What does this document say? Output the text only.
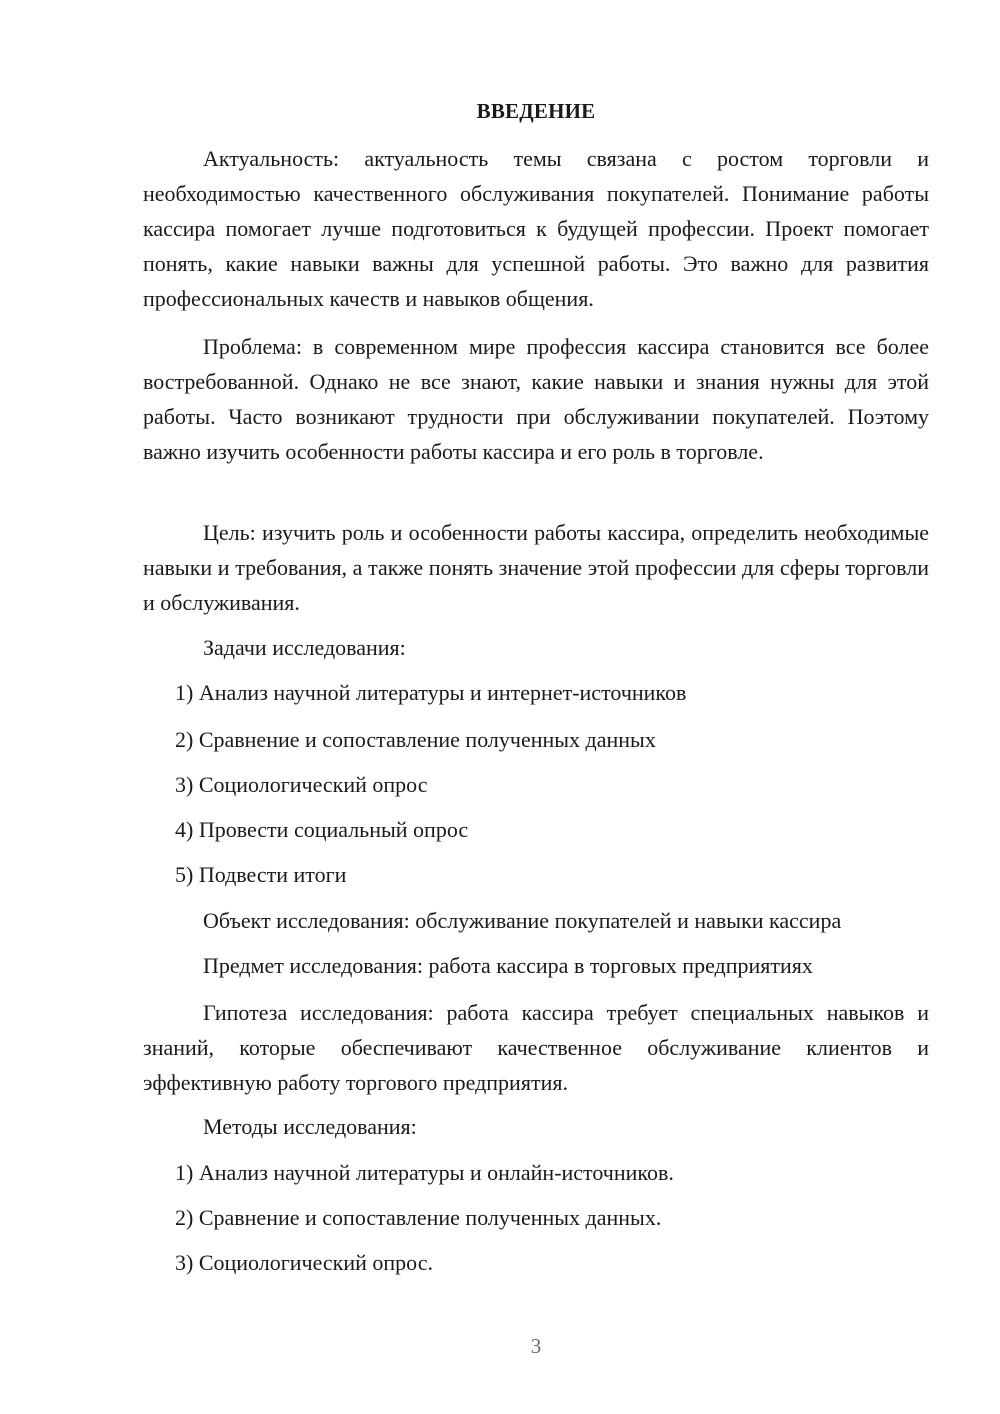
ВВЕДЕНИЕ

Актуальность: актуальность темы связана с ростом торговли и необходимостью качественного обслуживания покупателей. Понимание работы кассира помогает лучше подготовиться к будущей профессии. Проект помогает понять, какие навыки важны для успешной работы. Это важно для развития профессиональных качеств и навыков общения.

Проблема: в современном мире профессия кассира становится все более востребованной. Однако не все знают, какие навыки и знания нужны для этой работы. Часто возникают трудности при обслуживании покупателей. Поэтому важно изучить особенности работы кассира и его роль в торговле.

Цель: изучить роль и особенности работы кассира, определить необходимые навыки и требования, а также понять значение этой профессии для сферы торговли и обслуживания.

Задачи исследования:
1) Анализ научной литературы и интернет-источников
2) Сравнение и сопоставление полученных данных
3) Социологический опрос
4) Провести социальный опрос
5) Подвести итоги
Объект исследования: обслуживание покупателей и навыки кассира
Предмет исследования: работа кассира в торговых предприятиях

Гипотеза исследования: работа кассира требует специальных навыков и знаний, которые обеспечивают качественное обслуживание клиентов и эффективную работу торгового предприятия.

Методы исследования:
1) Анализ научной литературы и онлайн-источников.
2) Сравнение и сопоставление полученных данных.
3) Социологический опрос.
3
